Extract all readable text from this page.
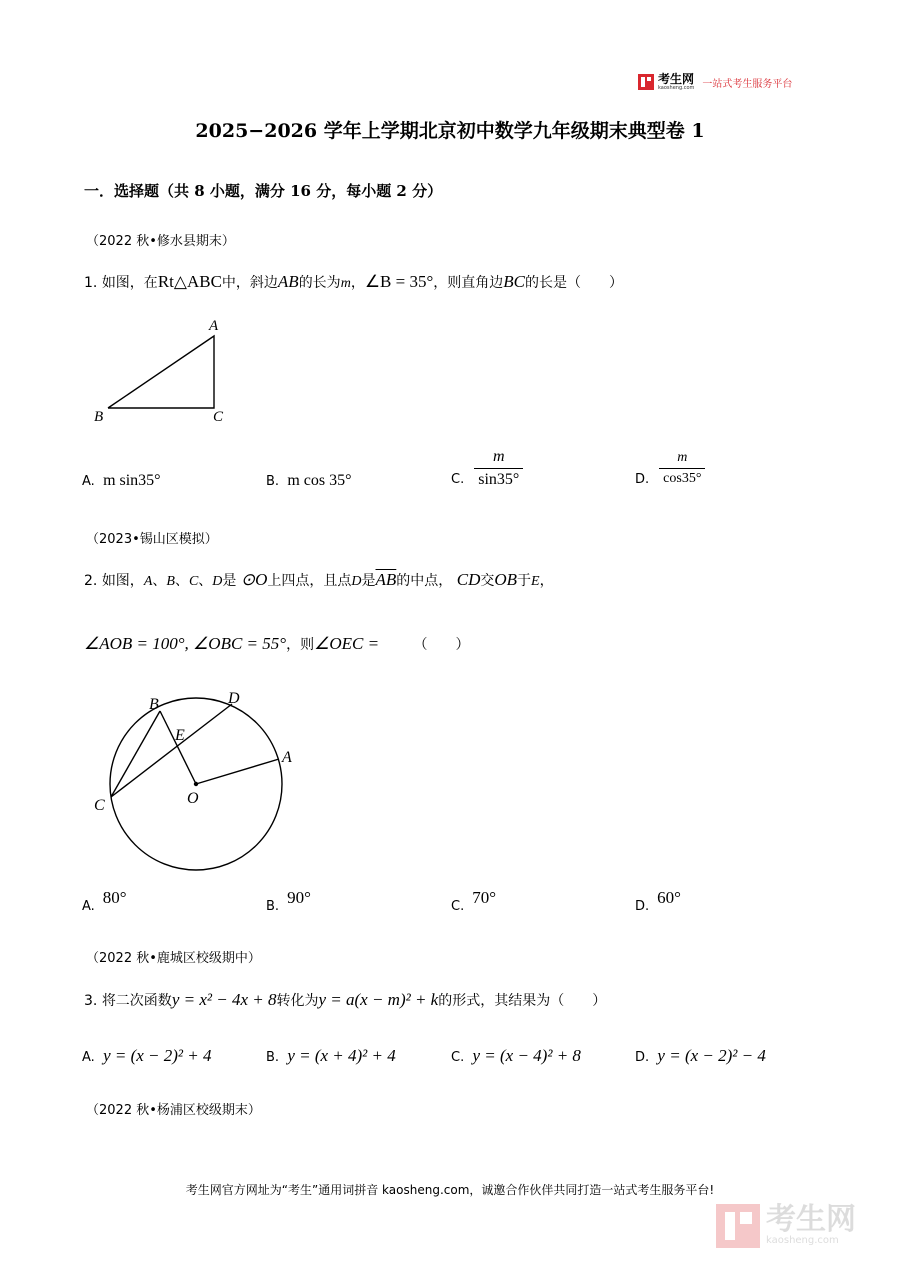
考生网
kaosheng.com 一站式考生服务平台
2025−2026 学年上学期北京初中数学九年级期末典型卷 1
一．选择题（共 8 小题，满分 16 分，每小题 2 分）
（2022 秋•修水县期末）
1. 如图，在Rt△ABC中，斜边AB的长为m，∠B = 35°，则直角边BC的长是（　　）
A
B	C
A. m sin35°	B. m cos 35°	C. $\frac{m}{\sin 35^\circ}$	D. $\frac{m}{\cos 35^\circ}$
（2023•锡山区模拟）
2. 如图，A、B、C、D是 ⊙O上四点，且点D是$\overline{AB}$的中点， CD交OB于E，
∠AOB = 100°, ∠OBC = 55°，则∠OEC = （　　）
B	D
E
A
C	O
A. 80°	B. 90°	C. 70°	D. 60°
（2022 秋•鹿城区校级期中）
3. 将二次函数y = x² − 4x + 8转化为y = a(x − m)² + k的形式，其结果为（　　）
A. y = (x − 2)² + 4	B. y = (x + 4)² + 4	C. y = (x − 4)² + 8	D. y = (x − 2)² − 4
（2022 秋•杨浦区校级期末）
考生网官方网址为“考生”通用词拼音 kaosheng.com，诚邀合作伙伴共同打造一站式考生服务平台!
考生网
kaosheng.com
